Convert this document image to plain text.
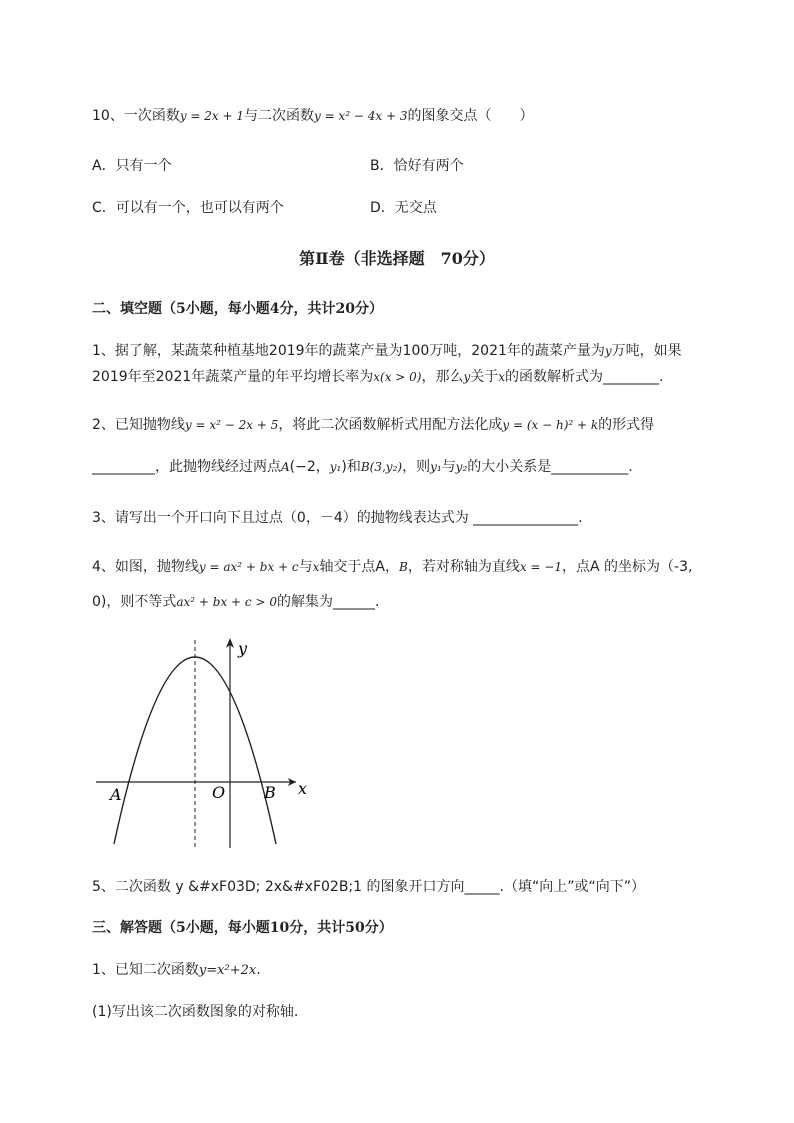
10、一次函数y = 2x + 1与二次函数y = x² − 4x + 3的图象交点（　　）
A．只有一个	B．恰好有两个
C．可以有一个，也可以有两个	D．无交点
第Ⅱ卷（非选择题　70分）
二、填空题（5小题，每小题4分，共计20分）
1、据了解，某蔬菜种植基地2019年的蔬菜产量为100万吨，2021年的蔬菜产量为y万吨，如果
2019年至2021年蔬菜产量的年平均增长率为x(x > 0)，那么y关于x的函数解析式为________.
2、已知抛物线y = x² − 2x + 5，将此二次函数解析式用配方法化成y = (x − h)² + k的形式得
_________，此抛物线经过两点A(−2，y₁)和B(3,y₂)，则y₁与y₂的大小关系是___________.
3、请写出一个开口向下且过点（0，－4）的抛物线表达式为 _______________.
4、如图，抛物线y = ax² + bx + c与x轴交于点A，B，若对称轴为直线x = −1，点A 的坐标为（-3,
0)，则不等式ax² + bx + c > 0的解集为______.
y
x
O
A	B
5、二次函数 y &#xF03D; 2x&#xF02B;1 的图象开口方向_____.（填“向上”或“向下”）
三、解答题（5小题，每小题10分，共计50分）
1、已知二次函数y=x²+2x.
(1)写出该二次函数图象的对称轴.
